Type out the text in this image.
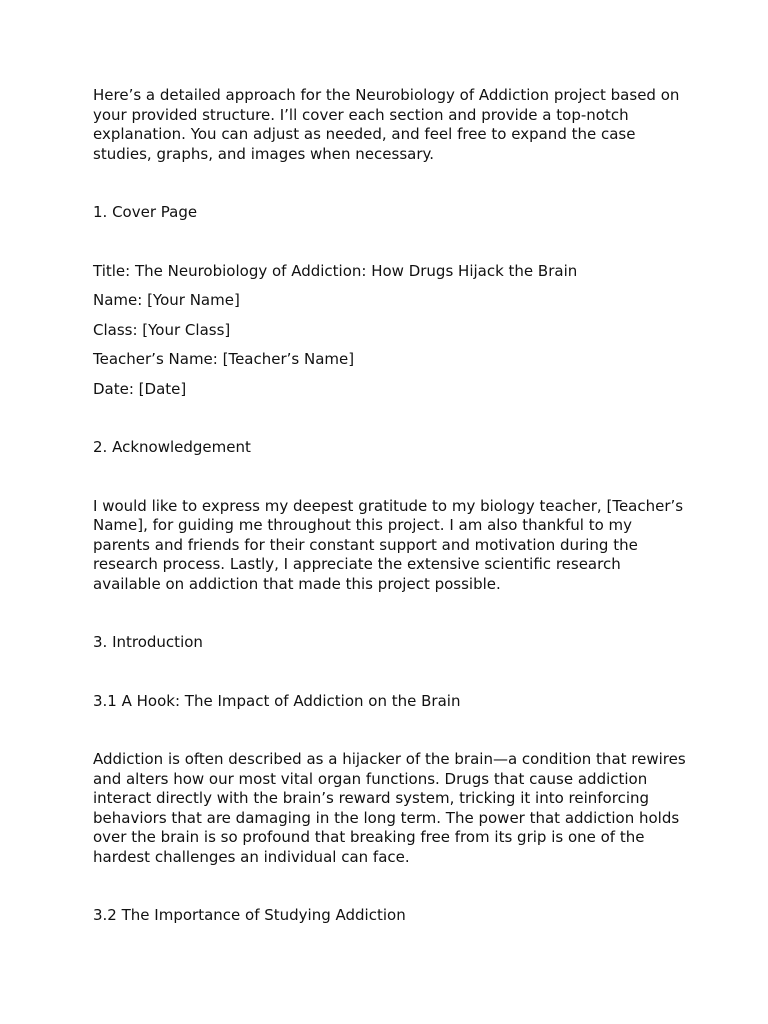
Here’s a detailed approach for the Neurobiology of Addiction project based on your provided structure. I’ll cover each section and provide a top-notch explanation. You can adjust as needed, and feel free to expand the case studies, graphs, and images when necessary.

1. Cover Page

Title: The Neurobiology of Addiction: How Drugs Hijack the Brain

Name: [Your Name]

Class: [Your Class]

Teacher’s Name: [Teacher’s Name]

Date: [Date]

2. Acknowledgement

I would like to express my deepest gratitude to my biology teacher, [Teacher’s Name], for guiding me throughout this project. I am also thankful to my parents and friends for their constant support and motivation during the research process. Lastly, I appreciate the extensive scientific research available on addiction that made this project possible.

3. Introduction

3.1 A Hook: The Impact of Addiction on the Brain

Addiction is often described as a hijacker of the brain—a condition that rewires and alters how our most vital organ functions. Drugs that cause addiction interact directly with the brain’s reward system, tricking it into reinforcing behaviors that are damaging in the long term. The power that addiction holds over the brain is so profound that breaking free from its grip is one of the hardest challenges an individual can face.

3.2 The Importance of Studying Addiction
